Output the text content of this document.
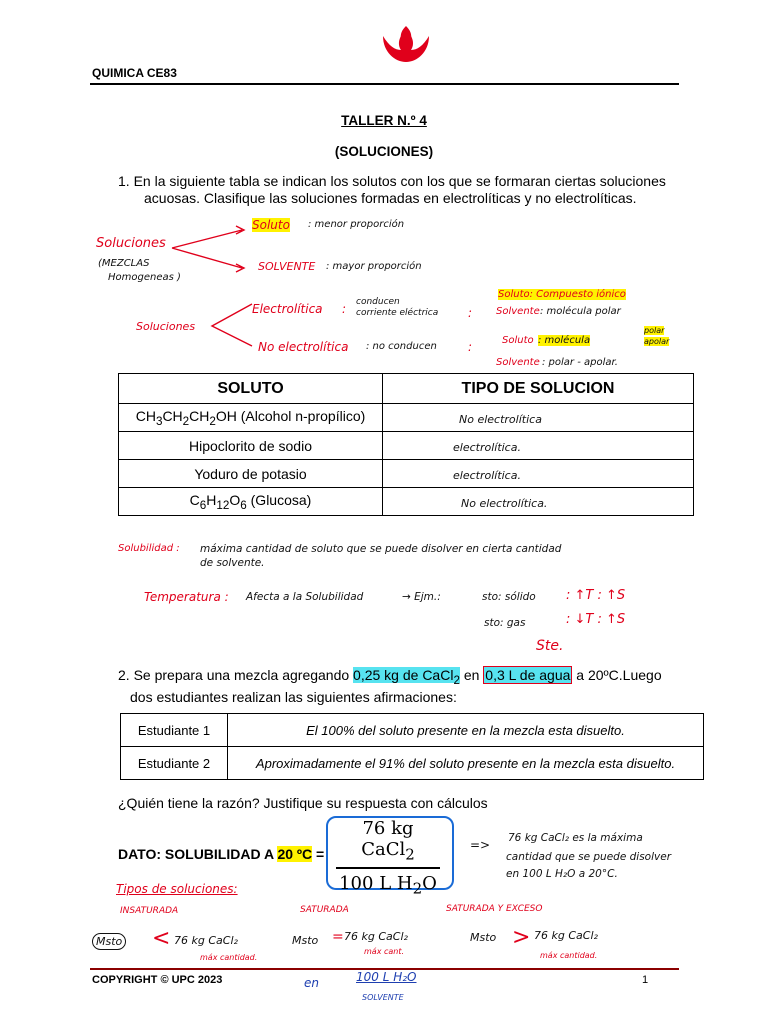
QUIMICA CE83
TALLER N.º 4
(SOLUCIONES)
1. En la siguiente tabla se indican los solutos con los que se formaran ciertas soluciones
acuosas. Clasifique las soluciones formadas en electrolíticas y no electrolíticas.
Soluciones
(MEZCLAS
Homogeneas )
Soluto : menor proporción
SOLVENTE : mayor proporción
Soluciones
Electrolítica : conducen
corriente eléctrica
No electrolítica : no conducen
:
:
Soluto: Compuesto iónico
Solvente : molécula polar
Soluto : molécula
polar
apolar
Solvente : polar - apolar.
SOLUTO	TIPO DE SOLUCION
$CH_3CH_2CH_2OH$ (Alcohol n-propílico)	No electrolítica
Hipoclorito de sodio	electrolítica.
Yoduro de potasio	electrolítica.
$C_6H_{12}O_6$ (Glucosa)	No electrolítica.
Solubilidad : máxima cantidad de soluto que se puede disolver en cierta cantidad
de solvente.
Temperatura : Afecta a la Solubilidad	→ Ejm.:	sto: sólido : ↑T : ↑S
sto: gas	: ↓T : ↑S
Ste.
2. Se prepara una mezcla agregando 0,25 kg de CaCl$_2$ en 0,3 L de agua a 20ºC.Luego
dos estudiantes realizan las siguientes afirmaciones:
Estudiante 1	El 100% del soluto presente en la mezcla esta disuelto.
Estudiante 2	Aproximadamente el 91% del soluto presente en la mezcla esta disuelto.
¿Quién tiene la razón? Justifique su respuesta con cálculos
DATO: SOLUBILIDAD A 20 ºC =
76 kg CaCl$_2$
100 L $H_2O$
=> 76 kg CaCl₂ es la máxima
cantidad que se puede disolver
en 100 L H₂O a 20°C.
Tipos de soluciones:
INSATURADA	SATURADA	SATURADA Y EXCESO
Msto < 76 kg CaCl₂
máx cantidad.
Msto = 76 kg CaCl₂
máx cant.
Msto > 76 kg CaCl₂
máx cantidad.
en	100 L H₂O
SOLVENTE
COPYRIGHT © UPC 2023	1
